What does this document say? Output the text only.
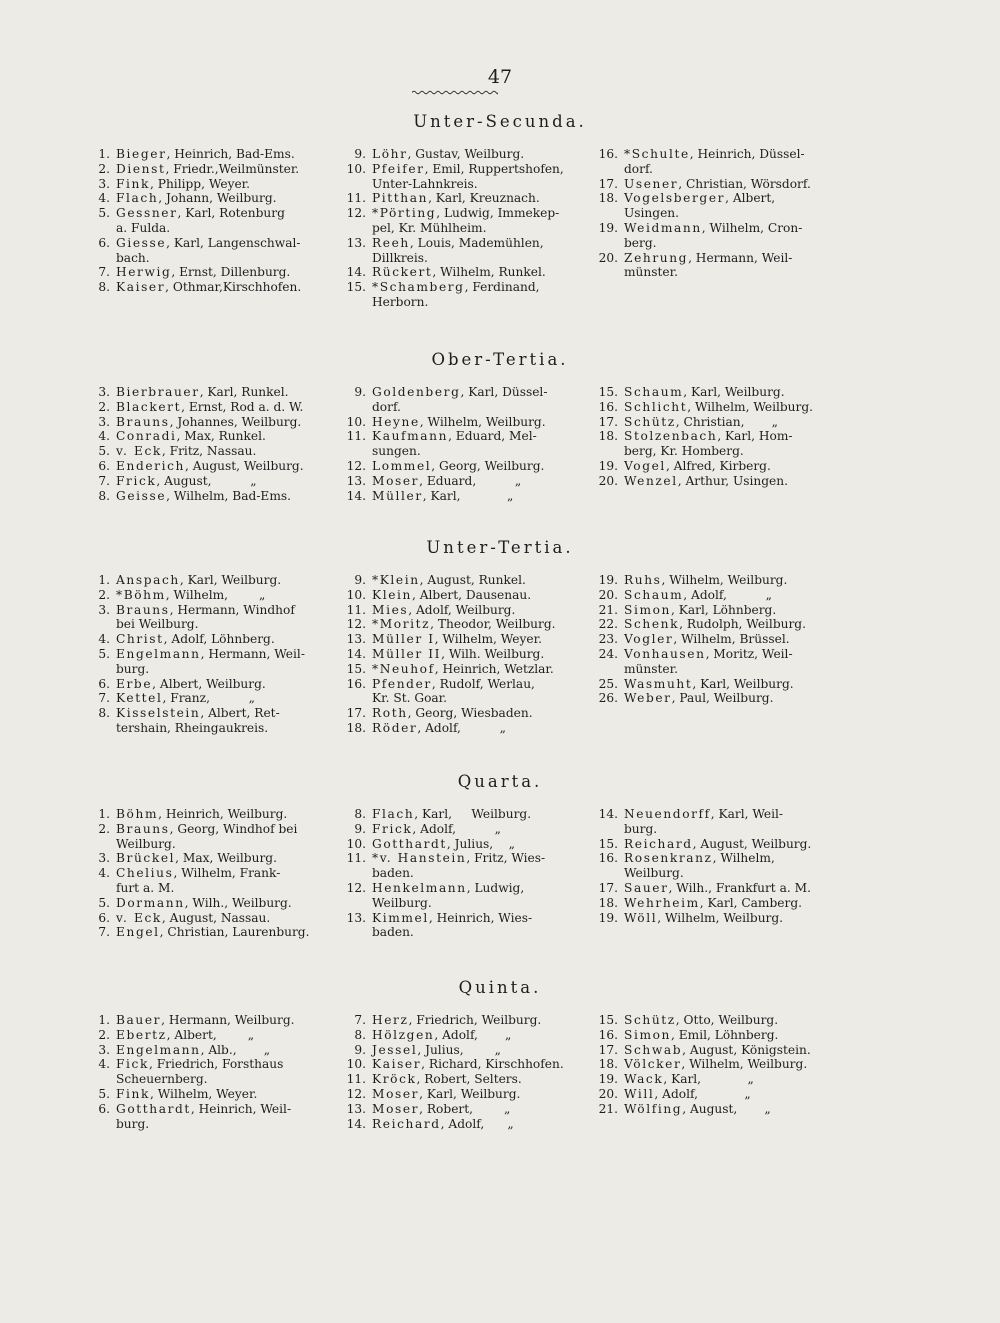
47
Unter-Secunda.
1. Bieger, Heinrich, Bad-Ems.
2. Dienst, Friedr.,Weilmünster.
3. Fink, Philipp, Weyer.
4. Flach, Johann, Weilburg.
5. Gessner, Karl, Rotenburg
a. Fulda.
6. Giesse, Karl, Langenschwal-
bach.
7. Herwig, Ernst, Dillenburg.
8. Kaiser, Othmar,Kirschhofen.
9. Löhr, Gustav, Weilburg.
10. Pfeifer, Emil, Ruppertshofen,
Unter-Lahnkreis.
11. Pitthan, Karl, Kreuznach.
12. *Pörting, Ludwig, Immekep-
pel, Kr. Mühlheim.
13. Reeh, Louis, Mademühlen,
Dillkreis.
14. Rückert, Wilhelm, Runkel.
15. *Schamberg, Ferdinand,
Herborn.
16. *Schulte, Heinrich, Düssel-
dorf.
17. Usener, Christian, Wörsdorf.
18. Vogelsberger, Albert,
Usingen.
19. Weidmann, Wilhelm, Cron-
berg.
20. Zehrung, Hermann, Weil-
münster.
Ober-Tertia.
3. Bierbrauer, Karl, Runkel.
2. Blackert, Ernst, Rod a. d. W.
3. Brauns, Johannes, Weilburg.
4. Conradi, Max, Runkel.
5. v. Eck, Fritz, Nassau.
6. Enderich, August, Weilburg.
7. Frick, August,          „
8. Geisse, Wilhelm, Bad-Ems.
9. Goldenberg, Karl, Düssel-
dorf.
10. Heyne, Wilhelm, Weilburg.
11. Kaufmann, Eduard, Mel-
sungen.
12. Lommel, Georg, Weilburg.
13. Moser, Eduard,          „
14. Müller, Karl,            „
15. Schaum, Karl, Weilburg.
16. Schlicht, Wilhelm, Weilburg.
17. Schütz, Christian,       „
18. Stolzenbach, Karl, Hom-
berg, Kr. Homberg.
19. Vogel, Alfred, Kirberg.
20. Wenzel, Arthur, Usingen.
Unter-Tertia.
1. Anspach, Karl, Weilburg.
2. *Böhm, Wilhelm,        „
3. Brauns, Hermann, Windhof
bei Weilburg.
4. Christ, Adolf, Löhnberg.
5. Engelmann, Hermann, Weil-
burg.
6. Erbe, Albert, Weilburg.
7. Kettel, Franz,          „
8. Kisselstein, Albert, Ret-
tershain, Rheingaukreis.
9. *Klein, August, Runkel.
10. Klein, Albert, Dausenau.
11. Mies, Adolf, Weilburg.
12. *Moritz, Theodor, Weilburg.
13. Müller I, Wilhelm, Weyer.
14. Müller II, Wilh. Weilburg.
15. *Neuhof, Heinrich, Wetzlar.
16. Pfender, Rudolf, Werlau,
Kr. St. Goar.
17. Roth, Georg, Wiesbaden.
18. Röder, Adolf,          „
19. Ruhs, Wilhelm, Weilburg.
20. Schaum, Adolf,          „
21. Simon, Karl, Löhnberg.
22. Schenk, Rudolph, Weilburg.
23. Vogler, Wilhelm, Brüssel.
24. Vonhausen, Moritz, Weil-
münster.
25. Wasmuht, Karl, Weilburg.
26. Weber, Paul, Weilburg.
Quarta.
1. Böhm, Heinrich, Weilburg.
2. Brauns, Georg, Windhof bei
Weilburg.
3. Brückel, Max, Weilburg.
4. Chelius, Wilhelm, Frank-
furt a. M.
5. Dormann, Wilh., Weilburg.
6. v. Eck, August, Nassau.
7. Engel, Christian, Laurenburg.
8. Flach, Karl,     Weilburg.
9. Frick, Adolf,          „
10. Gotthardt, Julius,    „
11. *v. Hanstein, Fritz, Wies-
baden.
12. Henkelmann, Ludwig,
Weilburg.
13. Kimmel, Heinrich, Wies-
baden.
14. Neuendorff, Karl, Weil-
burg.
15. Reichard, August, Weilburg.
16. Rosenkranz, Wilhelm,
Weilburg.
17. Sauer, Wilh., Frankfurt a. M.
18. Wehrheim, Karl, Camberg.
19. Wöll, Wilhelm, Weilburg.
Quinta.
1. Bauer, Hermann, Weilburg.
2. Ebertz, Albert,        „
3. Engelmann, Alb.,       „
4. Fick, Friedrich, Forsthaus
Scheuernberg.
5. Fink, Wilhelm, Weyer.
6. Gotthardt, Heinrich, Weil-
burg.
7. Herz, Friedrich, Weilburg.
8. Hölzgen, Adolf,       „
9. Jessel, Julius,        „
10. Kaiser, Richard, Kirschhofen.
11. Kröck, Robert, Selters.
12. Moser, Karl, Weilburg.
13. Moser, Robert,        „
14. Reichard, Adolf,      „
15. Schütz, Otto, Weilburg.
16. Simon, Emil, Löhnberg.
17. Schwab, August, Königstein.
18. Völcker, Wilhelm, Weilburg.
19. Wack, Karl,            „
20. Will, Adolf,            „
21. Wölfing, August,       „
